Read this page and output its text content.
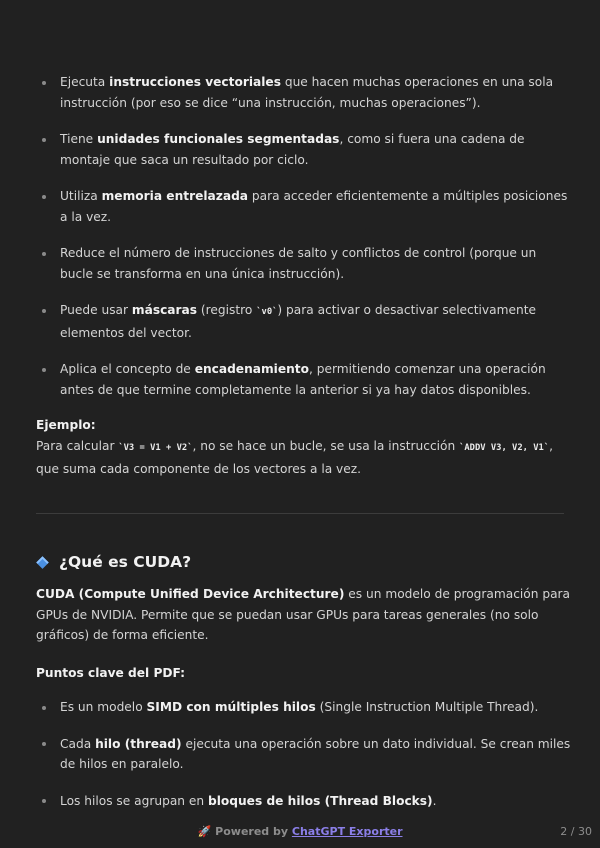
Ejecuta instrucciones vectoriales que hacen muchas operaciones en una sola instrucción (por eso se dice “una instrucción, muchas operaciones”).
Tiene unidades funcionales segmentadas, como si fuera una cadena de montaje que saca un resultado por ciclo.
Utiliza memoria entrelazada para acceder eficientemente a múltiples posiciones a la vez.
Reduce el número de instrucciones de salto y conflictos de control (porque un bucle se transforma en una única instrucción).
Puede usar máscaras (registro `v0`) para activar o desactivar selectivamente elementos del vector.
Aplica el concepto de encadenamiento, permitiendo comenzar una operación antes de que termine completamente la anterior si ya hay datos disponibles.
Ejemplo:
Para calcular `V3 = V1 + V2`, no se hace un bucle, se usa la instrucción `ADDV V3, V2, V1`, que suma cada componente de los vectores a la vez.
¿Qué es CUDA?
CUDA (Compute Unified Device Architecture) es un modelo de programación para GPUs de NVIDIA. Permite que se puedan usar GPUs para tareas generales (no solo gráficos) de forma eficiente.
Puntos clave del PDF:
Es un modelo SIMD con múltiples hilos (Single Instruction Multiple Thread).
Cada hilo (thread) ejecuta una operación sobre un dato individual. Se crean miles de hilos en paralelo.
Los hilos se agrupan en bloques de hilos (Thread Blocks).
🚀 Powered by ChatGPT Exporter	2 / 30
